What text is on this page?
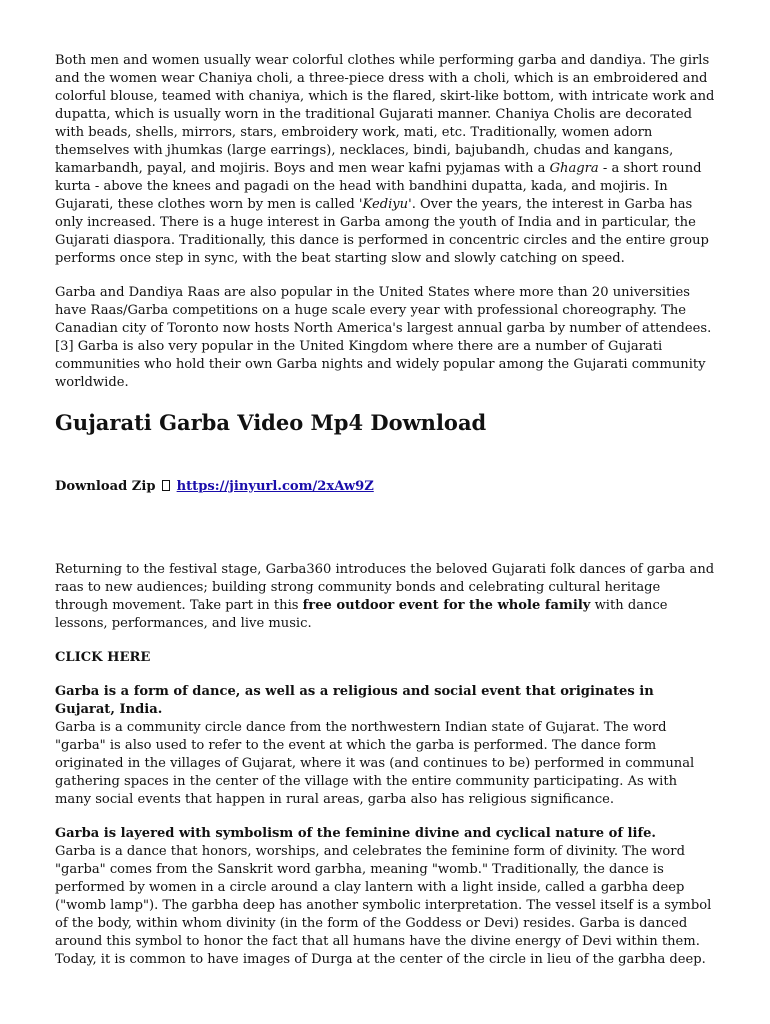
Both men and women usually wear colorful clothes while performing garba and dandiya. The girls and the women wear Chaniya choli, a three-piece dress with a choli, which is an embroidered and colorful blouse, teamed with chaniya, which is the flared, skirt-like bottom, with intricate work and dupatta, which is usually worn in the traditional Gujarati manner. Chaniya Cholis are decorated with beads, shells, mirrors, stars, embroidery work, mati, etc. Traditionally, women adorn themselves with jhumkas (large earrings), necklaces, bindi, bajubandh, chudas and kangans, kamarbandh, payal, and mojiris. Boys and men wear kafni pyjamas with a Ghagra - a short round kurta - above the knees and pagadi on the head with bandhini dupatta, kada, and mojiris. In Gujarati, these clothes worn by men is called 'Kediyu'. Over the years, the interest in Garba has only increased. There is a huge interest in Garba among the youth of India and in particular, the Gujarati diaspora. Traditionally, this dance is performed in concentric circles and the entire group performs once step in sync, with the beat starting slow and slowly catching on speed.

Garba and Dandiya Raas are also popular in the United States where more than 20 universities have Raas/Garba competitions on a huge scale every year with professional choreography. The Canadian city of Toronto now hosts North America's largest annual garba by number of attendees.[3] Garba is also very popular in the United Kingdom where there are a number of Gujarati communities who hold their own Garba nights and widely popular among the Gujarati community worldwide.

Gujarati Garba Video Mp4 Download
Download Zip https://jinyurl.com/2xAw9Z

Returning to the festival stage, Garba360 introduces the beloved Gujarati folk dances of garba and raas to new audiences; building strong community bonds and celebrating cultural heritage through movement. Take part in this free outdoor event for the whole family with dance lessons, performances, and live music.

CLICK HERE

Garba is a form of dance, as well as a religious and social event that originates in Gujarat, India.

Garba is a community circle dance from the northwestern Indian state of Gujarat. The word "garba" is also used to refer to the event at which the garba is performed. The dance form originated in the villages of Gujarat, where it was (and continues to be) performed in communal gathering spaces in the center of the village with the entire community participating. As with many social events that happen in rural areas, garba also has religious significance.

Garba is layered with symbolism of the feminine divine and cyclical nature of life.

Garba is a dance that honors, worships, and celebrates the feminine form of divinity. The word "garba" comes from the Sanskrit word garbha, meaning "womb." Traditionally, the dance is performed by women in a circle around a clay lantern with a light inside, called a garbha deep ("womb lamp"). The garbha deep has another symbolic interpretation. The vessel itself is a symbol of the body, within whom divinity (in the form of the Goddess or Devi) resides. Garba is danced around this symbol to honor the fact that all humans have the divine energy of Devi within them. Today, it is common to have images of Durga at the center of the circle in lieu of the garbha deep.
